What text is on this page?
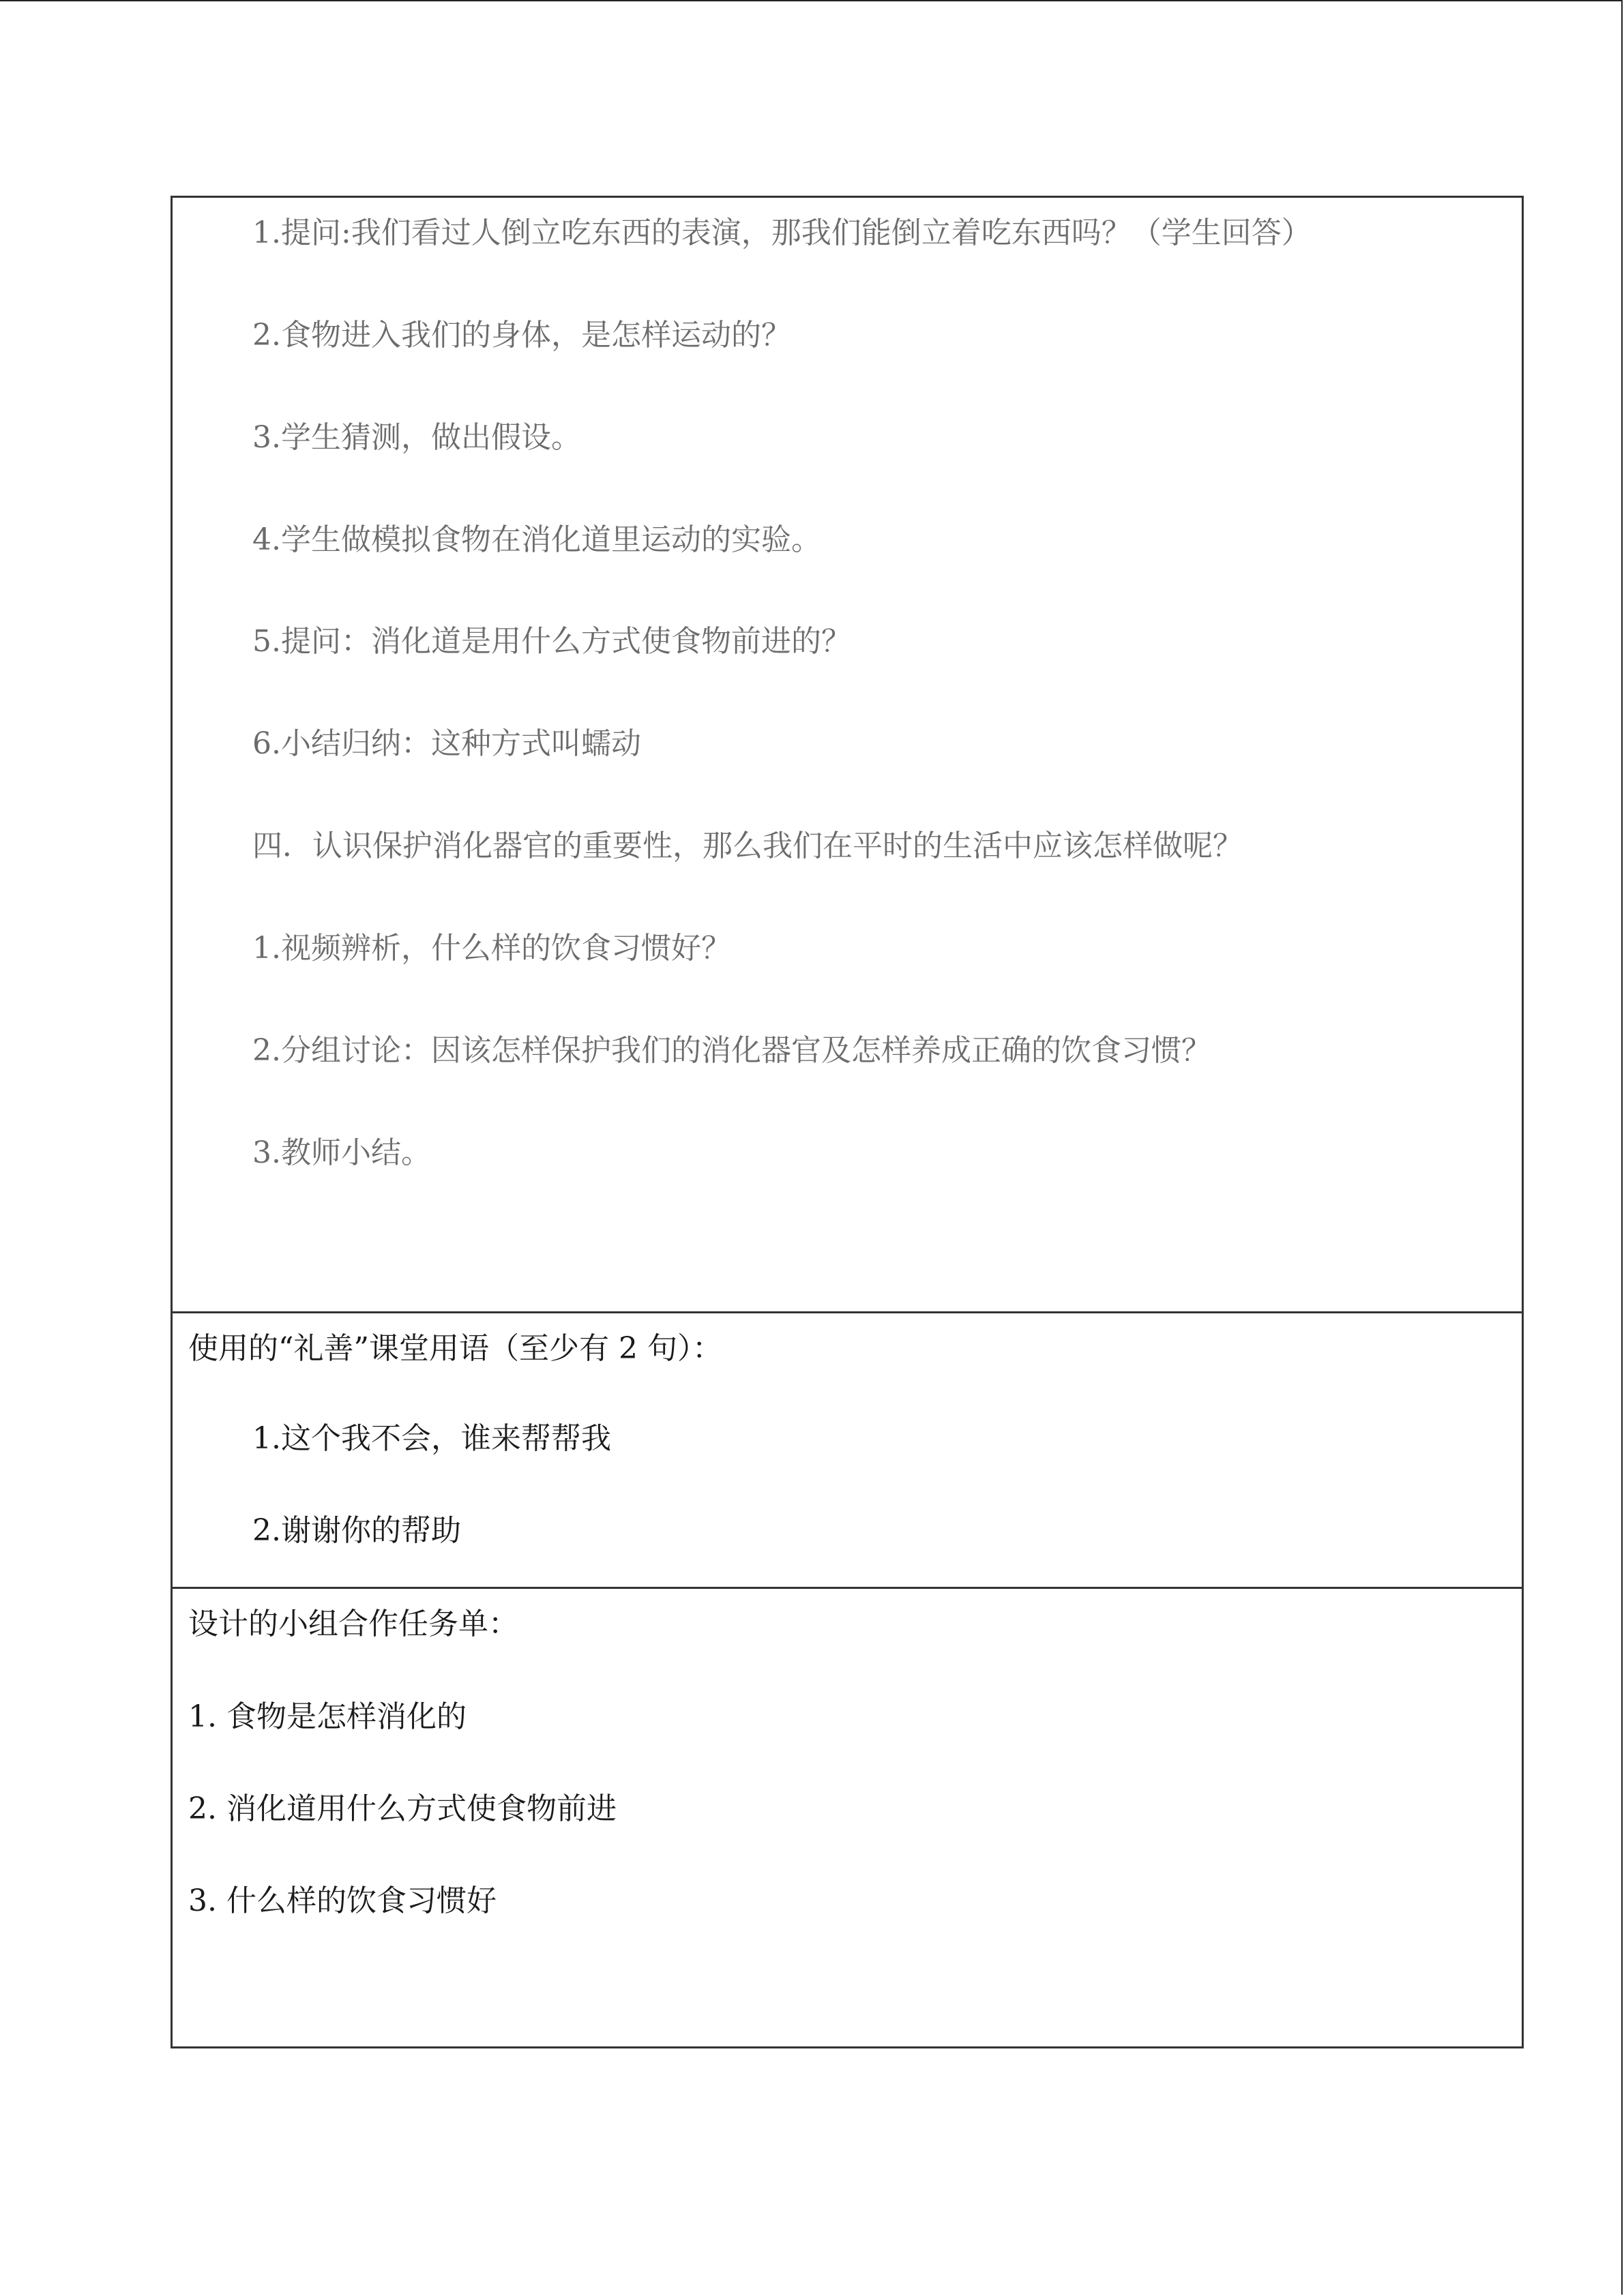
1.提问:我们看过人倒立吃东西的表演，那我们能倒立着吃东西吗？（学生回答）
2.食物进入我们的身体，是怎样运动的？
3.学生猜测，做出假设。
4.学生做模拟食物在消化道里运动的实验。
5.提问：消化道是用什么方式使食物前进的？
6.小结归纳：这种方式叫蠕动
四．认识保护消化器官的重要性，那么我们在平时的生活中应该怎样做呢？
1.视频辨析，什么样的饮食习惯好？
2.分组讨论：因该怎样保护我们的消化器官及怎样养成正确的饮食习惯？
3.教师小结。
使用的“礼善”课堂用语（至少有 2 句）：
1.这个我不会，谁来帮帮我
2.谢谢你的帮助
设计的小组合作任务单：
1. 食物是怎样消化的
2. 消化道用什么方式使食物前进
3. 什么样的饮食习惯好
